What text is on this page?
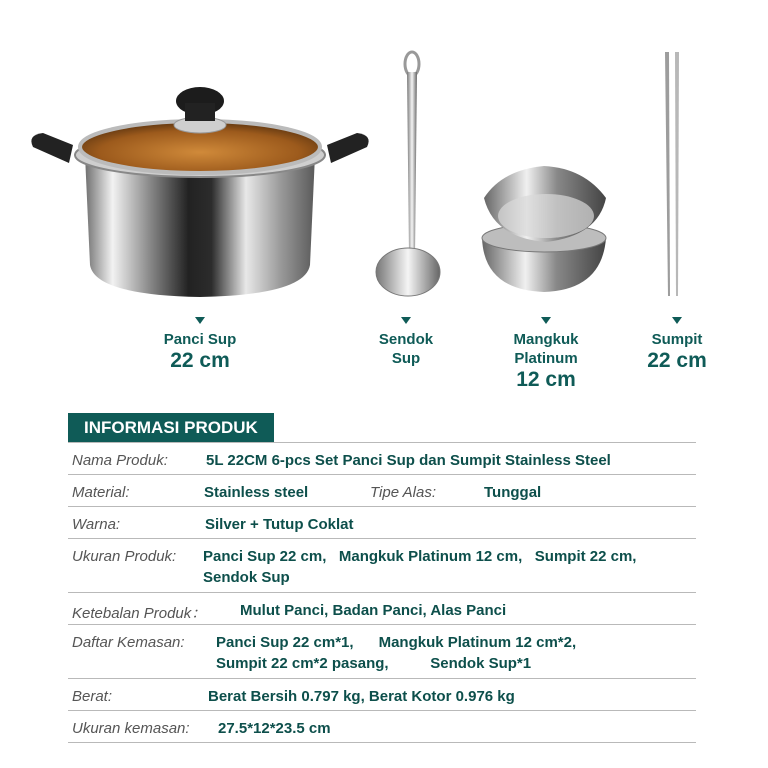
Panci Sup
22 cm
Sendok Sup
Mangkuk Platinum
12 cm
Sumpit
22 cm
INFORMASI PRODUK
Nama Produk:	5L 22CM 6-pcs Set Panci Sup dan Sumpit Stainless Steel
Material:	Stainless steel	Tipe Alas:	Tunggal
Warna:	Silver + Tutup Coklat
Ukuran Produk: Panci Sup 22 cm,   Mangkuk Platinum 12 cm,   Sumpit 22 cm,
Sendok Sup
Ketebalan Produk： Mulut Panci, Badan Panci, Alas Panci
Daftar Kemasan: Panci Sup 22 cm*1,      Mangkuk Platinum 12 cm*2,
Sumpit 22 cm*2 pasang,          Sendok Sup*1
Berat:	Berat Bersih 0.797 kg, Berat Kotor 0.976 kg
Ukuran kemasan: 27.5*12*23.5 cm
